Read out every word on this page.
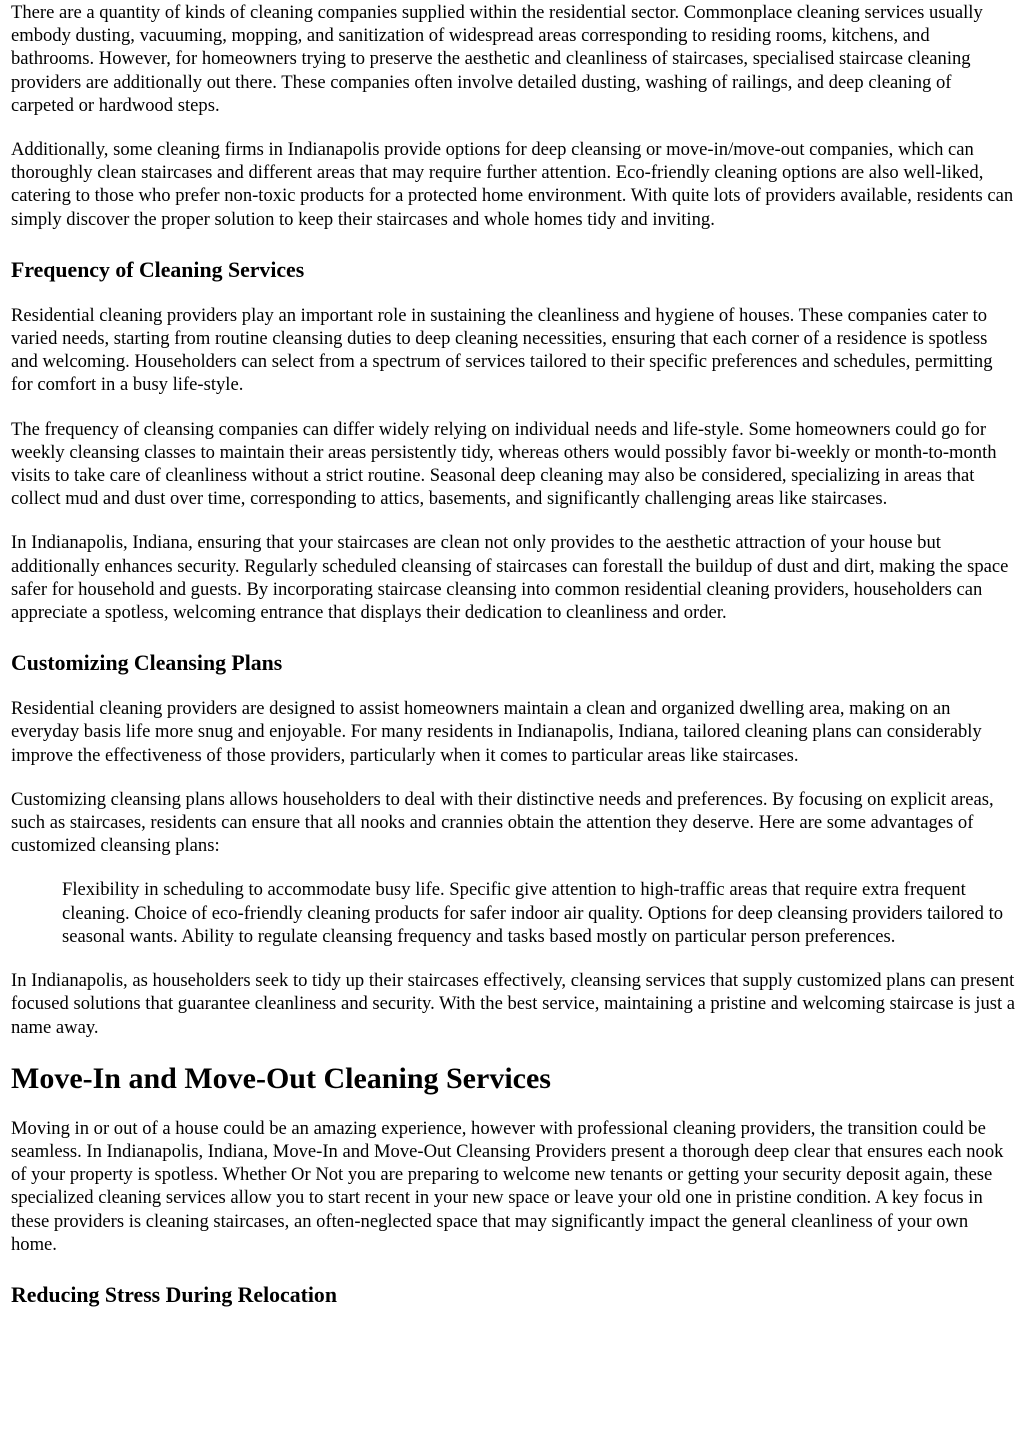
There are a quantity of kinds of cleaning companies supplied within the residential sector. Commonplace cleaning services usually embody dusting, vacuuming, mopping, and sanitization of widespread areas corresponding to residing rooms, kitchens, and bathrooms. However, for homeowners trying to preserve the aesthetic and cleanliness of staircases, specialised staircase cleaning providers are additionally out there. These companies often involve detailed dusting, washing of railings, and deep cleaning of carpeted or hardwood steps.

Additionally, some cleaning firms in Indianapolis provide options for deep cleansing or move-in/move-out companies, which can thoroughly clean staircases and different areas that may require further attention. Eco-friendly cleaning options are also well-liked, catering to those who prefer non-toxic products for a protected home environment. With quite lots of providers available, residents can simply discover the proper solution to keep their staircases and whole homes tidy and inviting.

Frequency of Cleaning Services

Residential cleaning providers play an important role in sustaining the cleanliness and hygiene of houses. These companies cater to varied needs, starting from routine cleansing duties to deep cleaning necessities, ensuring that each corner of a residence is spotless and welcoming. Householders can select from a spectrum of services tailored to their specific preferences and schedules, permitting for comfort in a busy life-style.

The frequency of cleansing companies can differ widely relying on individual needs and life-style. Some homeowners could go for weekly cleansing classes to maintain their areas persistently tidy, whereas others would possibly favor bi-weekly or month-to-month visits to take care of cleanliness without a strict routine. Seasonal deep cleaning may also be considered, specializing in areas that collect mud and dust over time, corresponding to attics, basements, and significantly challenging areas like staircases.

In Indianapolis, Indiana, ensuring that your staircases are clean not only provides to the aesthetic attraction of your house but additionally enhances security. Regularly scheduled cleansing of staircases can forestall the buildup of dust and dirt, making the space safer for household and guests. By incorporating staircase cleansing into common residential cleaning providers, householders can appreciate a spotless, welcoming entrance that displays their dedication to cleanliness and order.

Customizing Cleansing Plans

Residential cleaning providers are designed to assist homeowners maintain a clean and organized dwelling area, making on an everyday basis life more snug and enjoyable. For many residents in Indianapolis, Indiana, tailored cleaning plans can considerably improve the effectiveness of those providers, particularly when it comes to particular areas like staircases.

Customizing cleansing plans allows householders to deal with their distinctive needs and preferences. By focusing on explicit areas, such as staircases, residents can ensure that all nooks and crannies obtain the attention they deserve. Here are some advantages of customized cleansing plans:

Flexibility in scheduling to accommodate busy life. Specific give attention to high-traffic areas that require extra frequent cleaning. Choice of eco-friendly cleaning products for safer indoor air quality. Options for deep cleansing providers tailored to seasonal wants. Ability to regulate cleansing frequency and tasks based mostly on particular person preferences.

In Indianapolis, as householders seek to tidy up their staircases effectively, cleansing services that supply customized plans can present focused solutions that guarantee cleanliness and security. With the best service, maintaining a pristine and welcoming staircase is just a name away.

Move-In and Move-Out Cleaning Services

Moving in or out of a house could be an amazing experience, however with professional cleaning providers, the transition could be seamless. In Indianapolis, Indiana, Move-In and Move-Out Cleansing Providers present a thorough deep clear that ensures each nook of your property is spotless. Whether Or Not you are preparing to welcome new tenants or getting your security deposit again, these specialized cleaning services allow you to start recent in your new space or leave your old one in pristine condition. A key focus in these providers is cleaning staircases, an often-neglected space that may significantly impact the general cleanliness of your own home.

Reducing Stress During Relocation
